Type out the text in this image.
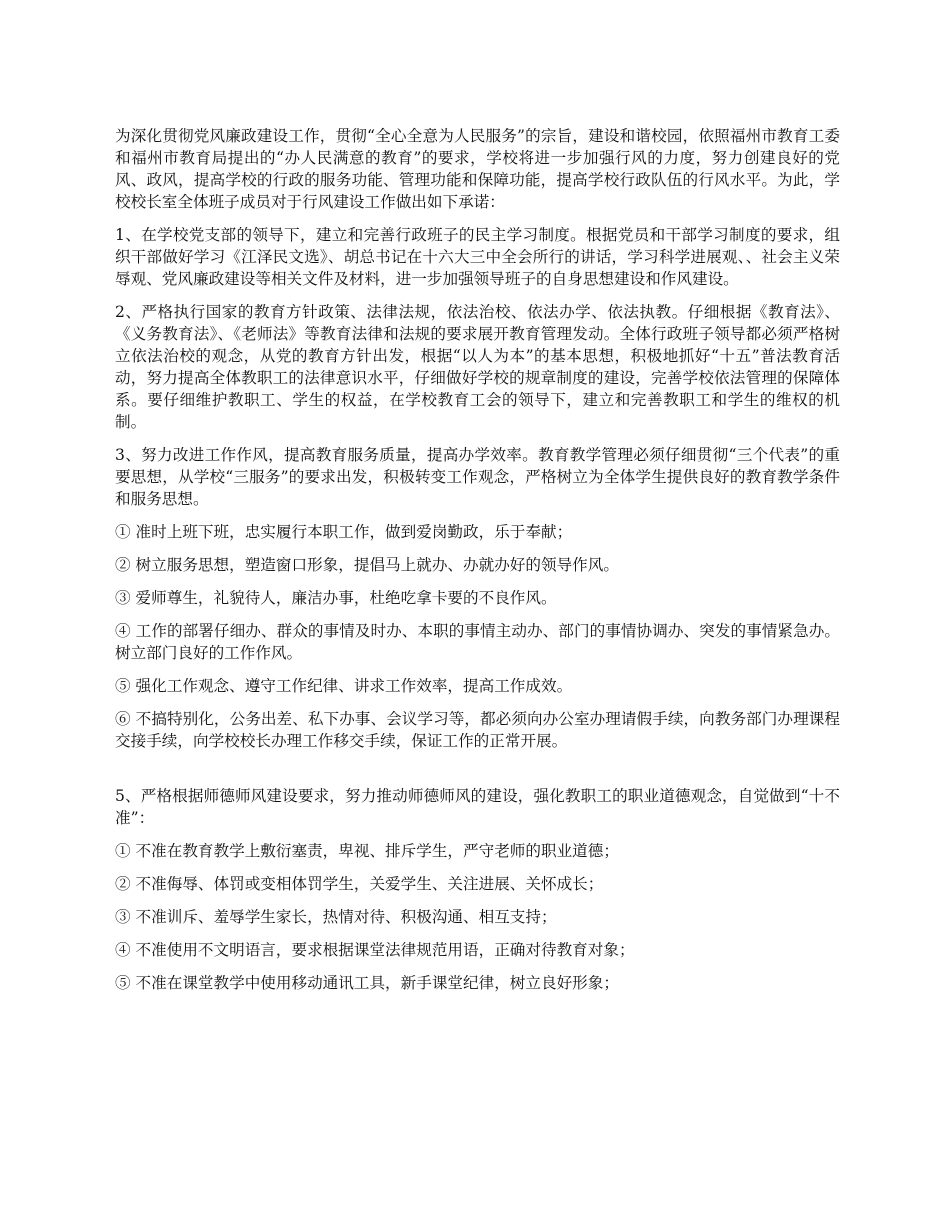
为深化贯彻党风廉政建设工作，贯彻“全心全意为人民服务”的宗旨，建设和谐校园，依照福州市教育工委和福州市教育局提出的“办人民满意的教育”的要求，学校将进一步加强行风的力度，努力创建良好的党风、政风，提高学校的行政的服务功能、管理功能和保障功能，提高学校行政队伍的行风水平。为此，学校校长室全体班子成员对于行风建设工作做出如下承诺：

1、在学校党支部的领导下，建立和完善行政班子的民主学习制度。根据党员和干部学习制度的要求，组织干部做好学习《江泽民文选》、胡总书记在十六大三中全会所行的讲话，学习科学进展观、、社会主义荣辱观、党风廉政建设等相关文件及材料，进一步加强领导班子的自身思想建设和作风建设。

2、严格执行国家的教育方针政策、法律法规，依法治校、依法办学、依法执教。仔细根据《教育法》、《义务教育法》、《老师法》等教育法律和法规的要求展开教育管理发动。全体行政班子领导都必须严格树立依法治校的观念，从党的教育方针出发，根据“以人为本”的基本思想，积极地抓好“十五”普法教育活动，努力提高全体教职工的法律意识水平，仔细做好学校的规章制度的建设，完善学校依法管理的保障体系。要仔细维护教职工、学生的权益，在学校教育工会的领导下，建立和完善教职工和学生的维权的机制。

3、努力改进工作作风，提高教育服务质量，提高办学效率。教育教学管理必须仔细贯彻“三个代表”的重要思想，从学校“三服务”的要求出发，积极转变工作观念，严格树立为全体学生提供良好的教育教学条件和服务思想。

① 准时上班下班，忠实履行本职工作，做到爱岗勤政，乐于奉献；

② 树立服务思想，塑造窗口形象，提倡马上就办、办就办好的领导作风。

③ 爱师尊生，礼貌待人，廉洁办事，杜绝吃拿卡要的不良作风。

④ 工作的部署仔细办、群众的事情及时办、本职的事情主动办、部门的事情协调办、突发的事情紧急办。树立部门良好的工作作风。

⑤ 强化工作观念、遵守工作纪律、讲求工作效率，提高工作成效。

⑥ 不搞特别化，公务出差、私下办事、会议学习等，都必须向办公室办理请假手续，向教务部门办理课程交接手续，向学校校长办理工作移交手续，保证工作的正常开展。

5、严格根据师德师风建设要求，努力推动师德师风的建设，强化教职工的职业道德观念，自觉做到“十不准”：

① 不准在教育教学上敷衍塞责，卑视、排斥学生，严守老师的职业道德；

② 不准侮辱、体罚或变相体罚学生，关爱学生、关注进展、关怀成长；

③ 不准训斥、羞辱学生家长，热情对待、积极沟通、相互支持；

④ 不准使用不文明语言，要求根据课堂法律规范用语，正确对待教育对象；

⑤ 不准在课堂教学中使用移动通讯工具，新手课堂纪律，树立良好形象；
